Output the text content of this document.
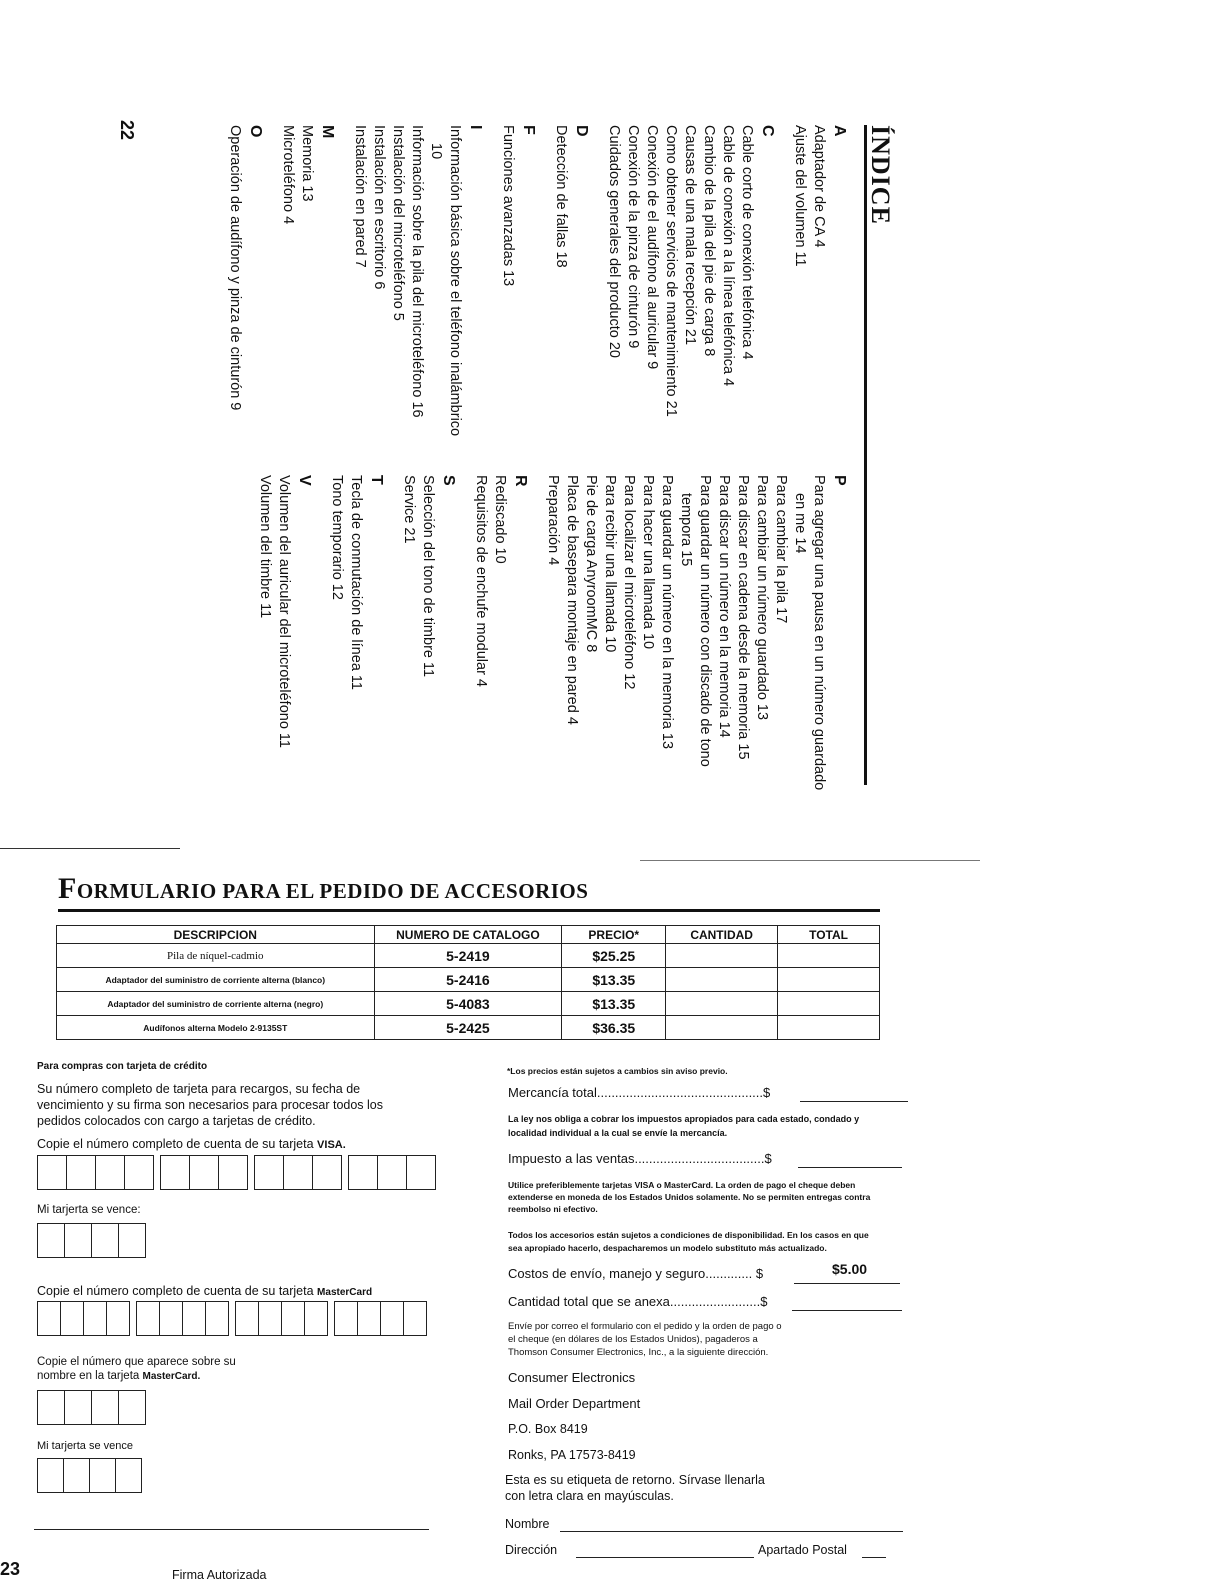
ÍNDICE
A
Adaptador de CA 4
Ajuste del volumen 11
C
Cable corto de conexión telefónica 4
Cable de conexión a la línea telefónica 4
Cambio de la pila del pie de carga 8
Causas de una mala recepción 21
Como obtener servicios de mantenimiento 21
Conexión de el audífono al auricular 9
Conexión de la pinza de cinturón 9
Cuidados generales del producto 20
D
Detección de fallas 18
F
Funciones avanzadas 13
I
Información básica sobre el teléfono inalámbrico 10
Información sobre la pila del microteléfono 16
Instalación del microteléfono 5
Instalación en escritorio 6
Instalación en pared 7
M
Memoria 13
Microteléfono 4
O
Operación de audífono y pinza de cinturón 9
P
Para agregar una pausa en un número guardado en me 14
Para cambiar la pila 17
Para cambiar un número guardado 13
Para discar en cadena desde la memoria 15
Para discar un número en la memoria 14
Para guardar un número con discado de tono tempora 15
Para guardar un número en la memoria 13
Para hacer una llamada 10
Para localizar el microteléfono 12
Para recibir una llamada 10
Pie de carga AnyroomMC 8
Placa de basepara montaje en pared 4
Preparación 4
R
Rediscado 10
Requisitos de enchufe modular 4
S
Selección del tono de timbre 11
Service 21
T
Tecla de conmutación de línea 11
Tono temporario 12
V
Volumen del auricular del microteléfono 11
Volumen del timbre 11
22
FORMULARIO PARA EL PEDIDO DE ACCESORIOS
DESCRIPCION	NUMERO DE CATALOGO	PRECIO*	CANTIDAD	TOTAL
Pila de níquel-cadmio	5-2419	$25.25		
Adaptador del suministro de corriente alterna (blanco)	5-2416	$13.35		
Adaptador del suministro de corriente alterna (negro)	5-4083	$13.35		
Audífonos alterna Modelo 2-9135ST	5-2425	$36.35		
Para compras con tarjeta de crédito
Su número completo de tarjeta para recargos, su fecha de
vencimiento y su firma son necesarios para procesar todos los
pedidos colocados con cargo a tarjetas de crédito.
Copie el número completo de cuenta de su tarjeta VISA.
Mi tarjerta se vence:
Copie el número completo de cuenta de su tarjeta MasterCard
Copie el número que aparece sobre su
nombre en la tarjeta MasterCard.
Mi tarjerta se vence
Firma Autorizada
23
*Los precios están sujetos a cambios sin aviso previo.
Mercancía total..............................................$
La ley nos obliga a cobrar los impuestos apropiados para cada estado, condado y
localidad individual a la cual se envíe la mercancía.
Impuesto a las ventas....................................$
Utilice preferiblemente tarjetas VISA o MasterCard. La orden de pago el cheque deben
extenderse en moneda de los Estados Unidos solamente. No se permiten entregas contra
reembolso ni efectivo.
Todos los accesorios están sujetos a condiciones de disponibilidad. En los casos en que
sea apropiado hacerlo, despacharemos un modelo substituto más actualizado.
Costos de envío, manejo y seguro............. $	$5.00
Cantidad total que se anexa.........................$
Envíe por correo el formulario con el pedido y la orden de pago o
el cheque (en dólares de los Estados Unidos), pagaderos a
Thomson Consumer Electronics, Inc., a la siguiente dirección.
Consumer Electronics
Mail Order Department
P.O. Box 8419
Ronks, PA 17573-8419
Esta es su etiqueta de retorno. Sírvase llenarla
con letra clara en mayúsculas.
Nombre
Dirección	Apartado Postal
